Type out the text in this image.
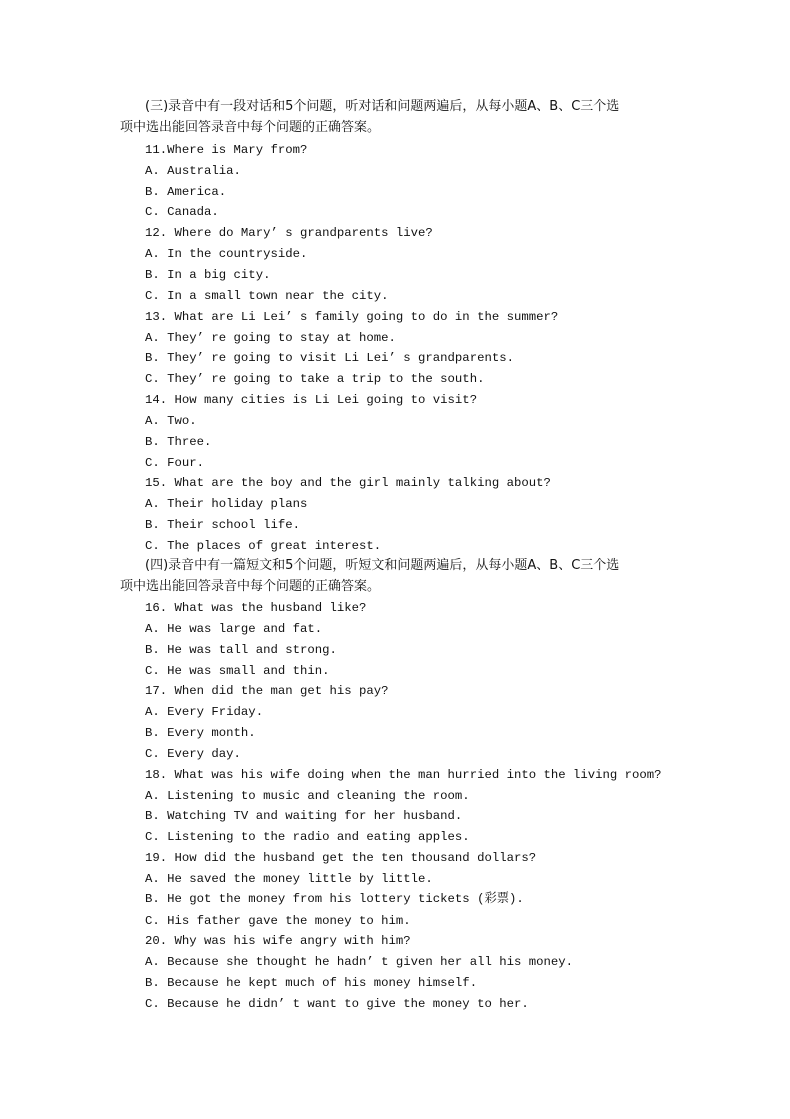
(三)录音中有一段对话和5个问题，听对话和问题两遍后，从每小题A、B、C三个选
项中选出能回答录音中每个问题的正确答案。
11.Where is Mary from?
A. Australia.
B. America.
C. Canada.
12. Where do Mary’ s grandparents live?
A. In the countryside.
B. In a big city.
C. In a small town near the city.
13. What are Li Lei’ s family going to do in the summer?
A. They’ re going to stay at home.
B. They’ re going to visit Li Lei’ s grandparents.
C. They’ re going to take a trip to the south.
14. How many cities is Li Lei going to visit?
A. Two.
B. Three.
C. Four.
15. What are the boy and the girl mainly talking about?
A. Their holiday plans
B. Their school life.
C. The places of great interest.
(四)录音中有一篇短文和5个问题，听短文和问题两遍后，从每小题A、B、C三个选
项中选出能回答录音中每个问题的正确答案。
16. What was the husband like?
A. He was large and fat.
B. He was tall and strong.
C. He was small and thin.
17. When did the man get his pay?
A. Every Friday.
B. Every month.
C. Every day.
18. What was his wife doing when the man hurried into the living room?
A. Listening to music and cleaning the room.
B. Watching TV and waiting for her husband.
C. Listening to the radio and eating apples.
19. How did the husband get the ten thousand dollars?
A. He saved the money little by little.
B. He got the money from his lottery tickets (彩票).
C. His father gave the money to him.
20. Why was his wife angry with him?
A. Because she thought he hadn’ t given her all his money.
B. Because he kept much of his money himself.
C. Because he didn’ t want to give the money to her.
